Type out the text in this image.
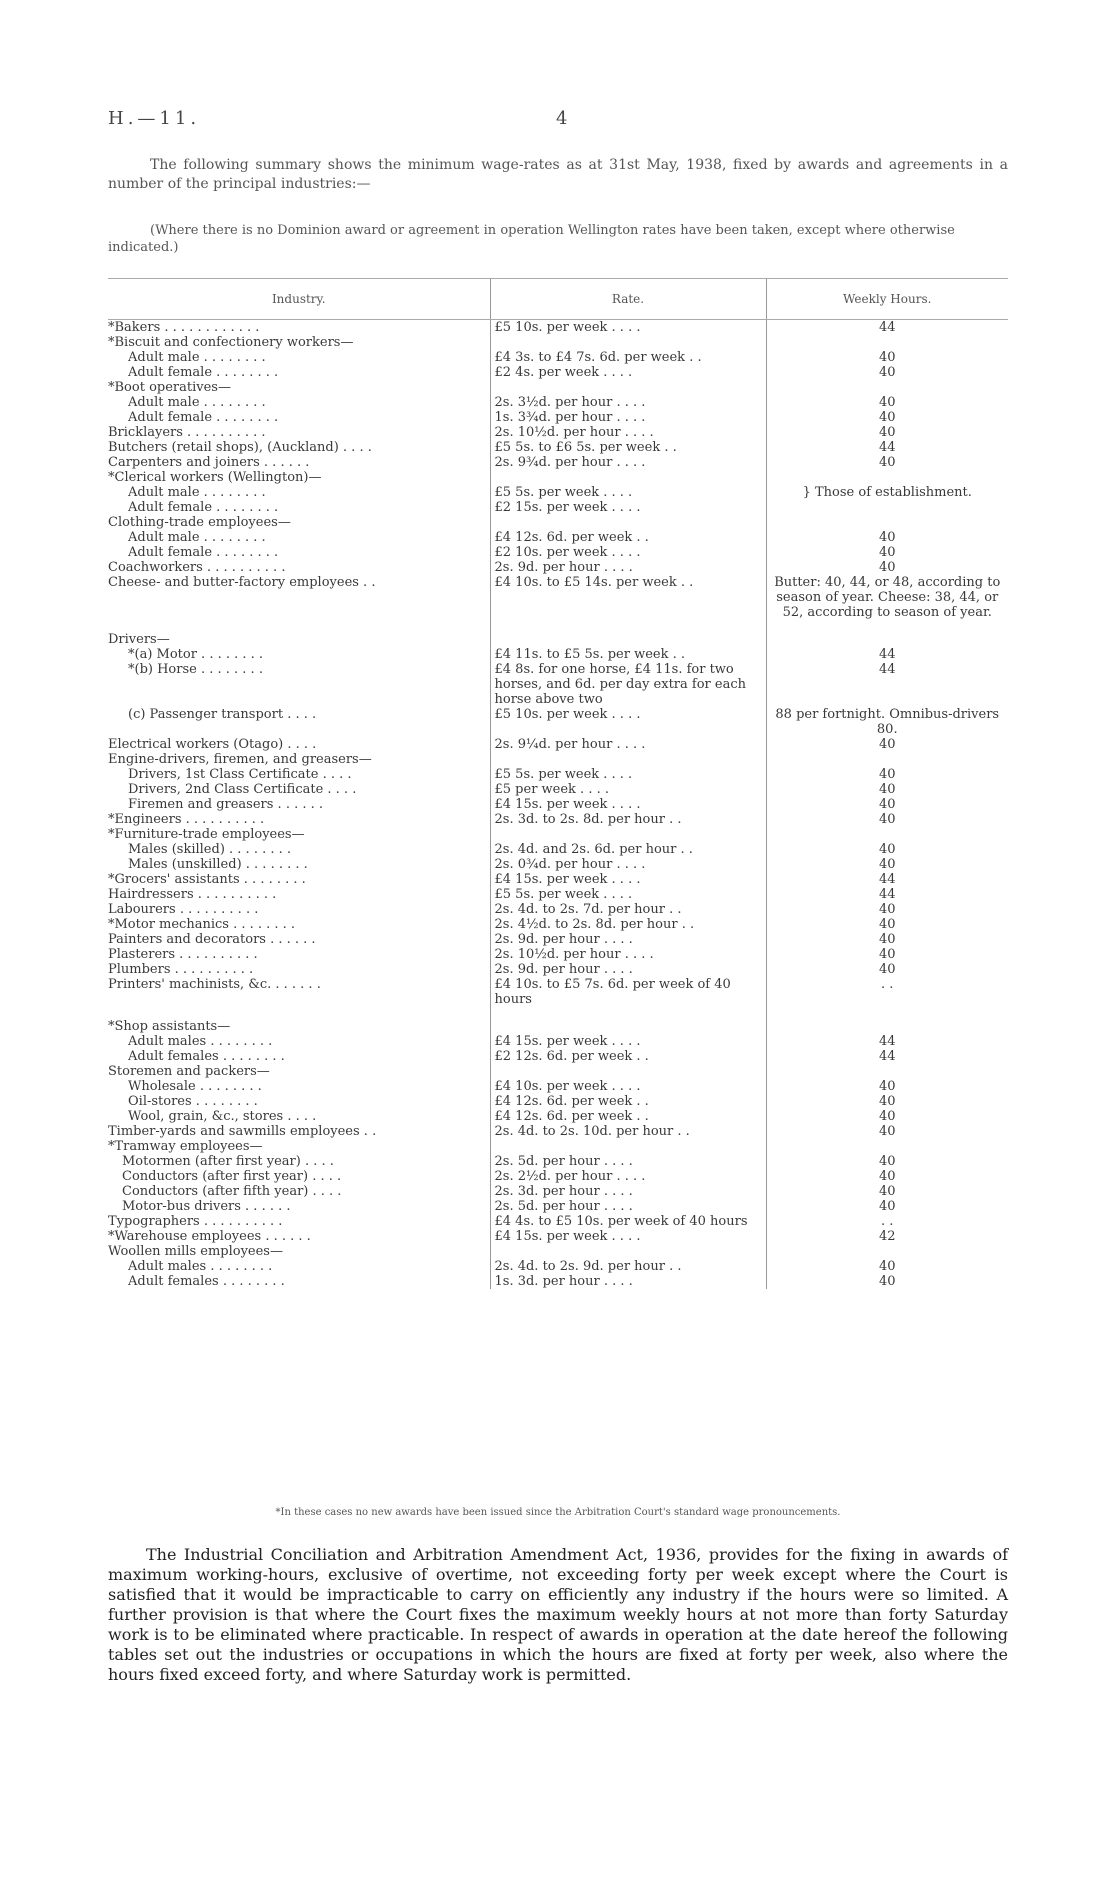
H.—11.	4

The following summary shows the minimum wage-rates as at 31st May, 1938, fixed by awards and agreements in a number of the principal industries:—

(Where there is no Dominion award or agreement in operation Wellington rates have been taken, except where otherwise indicated.)

Industry.	Rate.	Weekly Hours.
*Bakers . . . . . . . . . . . .	£5 10s. per week . . . .	44
*Biscuit and confectionery workers—		
Adult male . . . . . . . .	£4 3s. to £4 7s. 6d. per week . .	40
Adult female . . . . . . . .	£2 4s. per week . . . .	40
*Boot operatives—		
Adult male . . . . . . . .	2s. 3½d. per hour . . . .	40
Adult female . . . . . . . .	1s. 3¾d. per hour . . . .	40
Bricklayers . . . . . . . . . .	2s. 10½d. per hour . . . .	40
Butchers (retail shops), (Auckland) . . . .	£5 5s. to £6 5s. per week . .	44
Carpenters and joiners . . . . . .	2s. 9¾d. per hour . . . .	40
*Clerical workers (Wellington)—		
Adult male . . . . . . . .	£5 5s. per week . . . .	} Those of establishment.
Adult female . . . . . . . .	£2 15s. per week . . . .	
Clothing-trade employees—		
Adult male . . . . . . . .	£4 12s. 6d. per week . .	40
Adult female . . . . . . . .	£2 10s. per week . . . .	40
Coachworkers . . . . . . . . . .	2s. 9d. per hour . . . .	40
Cheese- and butter-factory employees . .	£4 10s. to £5 14s. per week . .	Butter: 40, 44, or 48, according to season of year. Cheese: 38, 44, or 52, according to season of year.

Drivers—		
*(a) Motor . . . . . . . .	£4 11s. to £5 5s. per week . .	44
*(b) Horse . . . . . . . .	£4 8s. for one horse, £4 11s. for two horses, and 6d. per day extra for each horse above two	44
(c) Passenger transport . . . .	£5 10s. per week . . . .	88 per fortnight. Omnibus-drivers 80.
Electrical workers (Otago) . . . .	2s. 9¼d. per hour . . . .	40
Engine-drivers, firemen, and greasers—		
Drivers, 1st Class Certificate . . . .	£5 5s. per week . . . .	40
Drivers, 2nd Class Certificate . . . .	£5 per week . . . .	40
Firemen and greasers . . . . . .	£4 15s. per week . . . .	40
*Engineers . . . . . . . . . .	2s. 3d. to 2s. 8d. per hour . .	40
*Furniture-trade employees—		
Males (skilled) . . . . . . . .	2s. 4d. and 2s. 6d. per hour . .	40
Males (unskilled) . . . . . . . .	2s. 0¾d. per hour . . . .	40
*Grocers' assistants . . . . . . . .	£4 15s. per week . . . .	44
Hairdressers . . . . . . . . . .	£5 5s. per week . . . .	44
Labourers . . . . . . . . . .	2s. 4d. to 2s. 7d. per hour . .	40
*Motor mechanics . . . . . . . .	2s. 4½d. to 2s. 8d. per hour . .	40
Painters and decorators . . . . . .	2s. 9d. per hour . . . .	40
Plasterers . . . . . . . . . .	2s. 10½d. per hour . . . .	40
Plumbers . . . . . . . . . .	2s. 9d. per hour . . . .	40
Printers' machinists, &c. . . . . . .	£4 10s. to £5 7s. 6d. per week of 40 hours	. .

*Shop assistants—		
Adult males . . . . . . . .	£4 15s. per week . . . .	44
Adult females . . . . . . . .	£2 12s. 6d. per week . .	44
Storemen and packers—		
Wholesale . . . . . . . .	£4 10s. per week . . . .	40
Oil-stores . . . . . . . .	£4 12s. 6d. per week . .	40
Wool, grain, &c., stores . . . .	£4 12s. 6d. per week . .	40
Timber-yards and sawmills employees . .	2s. 4d. to 2s. 10d. per hour . .	40
*Tramway employees—		
Motormen (after first year) . . . .	2s. 5d. per hour . . . .	40
Conductors (after first year) . . . .	2s. 2½d. per hour . . . .	40
Conductors (after fifth year) . . . .	2s. 3d. per hour . . . .	40
Motor-bus drivers . . . . . .	2s. 5d. per hour . . . .	40
Typographers . . . . . . . . . .	£4 4s. to £5 10s. per week of 40 hours	. .
*Warehouse employees . . . . . .	£4 15s. per week . . . .	42
Woollen mills employees—		
Adult males . . . . . . . .	2s. 4d. to 2s. 9d. per hour . .	40
Adult females . . . . . . . .	1s. 3d. per hour . . . .	40
*In these cases no new awards have been issued since the Arbitration Court's standard wage pronouncements.

The Industrial Conciliation and Arbitration Amendment Act, 1936, provides for the fixing in awards of maximum working-hours, exclusive of overtime, not exceeding forty per week except where the Court is satisfied that it would be impracticable to carry on efficiently any industry if the hours were so limited. A further provision is that where the Court fixes the maximum weekly hours at not more than forty Saturday work is to be eliminated where practicable. In respect of awards in operation at the date hereof the following tables set out the industries or occupations in which the hours are fixed at forty per week, also where the hours fixed exceed forty, and where Saturday work is permitted.
